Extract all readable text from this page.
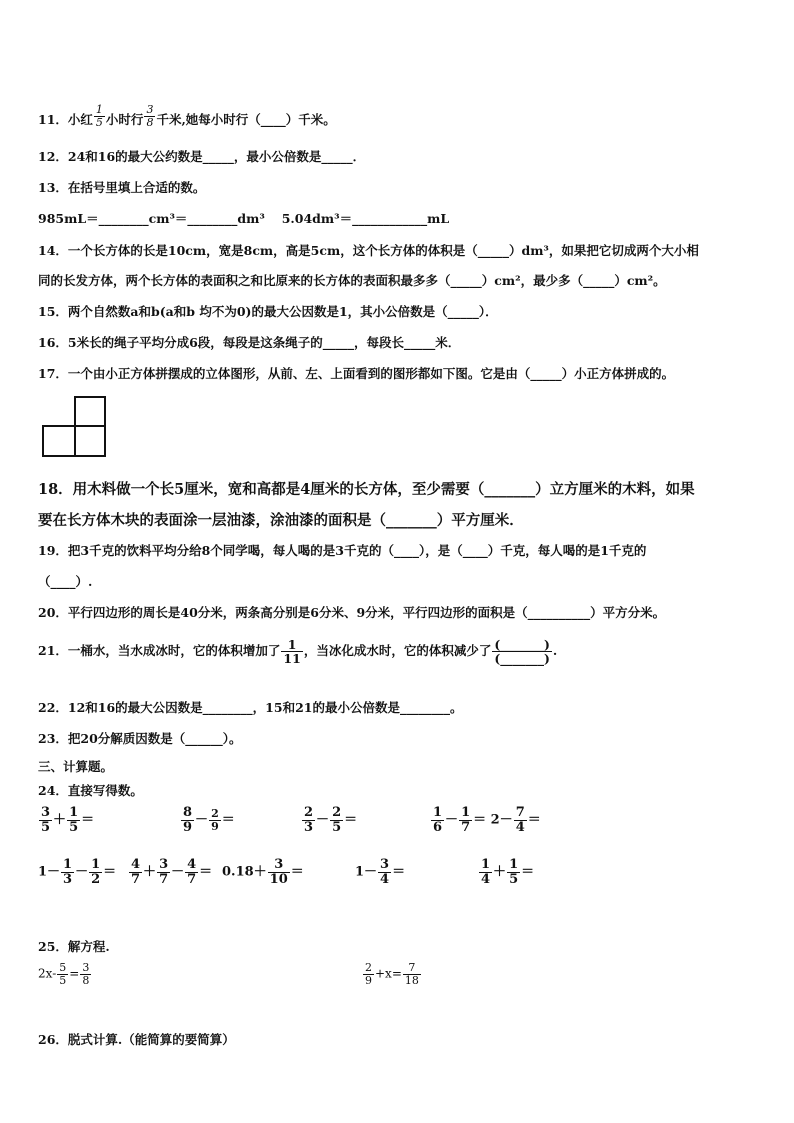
11．小红 $\frac{1}{5}$ 小时行 $\frac{3}{8}$ 千米,她每小时行（____）千米。
12．24和16的最大公约数是_____，最小公倍数是_____．
13．在括号里填上合适的数。
985mL＝________cm³＝________dm³　 5.04dm³＝____________mL
14．一个长方体的长是10cm，宽是8cm，高是5cm，这个长方体的体积是（_____）dm³，如果把它切成两个大小相
同的长发方体，两个长方体的表面积之和比原来的长方体的表面积最多多（_____）cm²，最少多（_____）cm²。
15．两个自然数a和b(a和b 均不为0)的最大公因数是1，其小公倍数是（_____）．
16．5米长的绳子平均分成6段，每段是这条绳子的_____，每段长_____米．
17．一个由小正方体拼摆成的立体图形，从前、左、上面看到的图形都如下图。它是由（_____）小正方体拼成的。
18．用木料做一个长5厘米，宽和高都是4厘米的长方体，至少需要（_______）立方厘米的木料，如果
要在长方体木块的表面涂一层油漆，涂油漆的面积是（_______）平方厘米．
19．把3千克的饮料平均分给8个同学喝，每人喝的是3千克的（____），是（____）千克，每人喝的是1千克的
（____）.
20．平行四边形的周长是40分米，两条高分别是6分米、9分米，平行四边形的面积是（__________）平方分米。
21．一桶水，当水成冰时，它的体积增加了 $\frac{1}{11}$ ，当冰化成水时，它的体积减少了 $\frac{(\_\_\_\_\_\_\_)}{(\_\_\_\_\_\_\_)}$ .
22．12和16的最大公因数是________，15和21的最小公倍数是________。
23．把20分解质因数是（______）。
三、计算题。
24．直接写得数。
$\frac{3}{5} + \frac{1}{5}$ ＝	$\frac{8}{9} - \frac{2}{9}$ ＝	$\frac{2}{3} - \frac{2}{5}$ ＝	$\frac{1}{6} - \frac{1}{7} = 2- \frac{7}{4}$ ＝
$1- \frac{1}{3} - \frac{1}{2} = \frac{4}{7} + \frac{3}{7} - \frac{4}{7} = 0.18+ \frac{3}{10}$ ＝	$1- \frac{3}{4}$ ＝	$\frac{1}{4} + \frac{1}{5}$ ＝
25．解方程.
$2x- \frac{5}{5} = \frac{3}{8}$	$\frac{2}{9} +x= \frac{7}{18}$
26．脱式计算.（能简算的要简算）
